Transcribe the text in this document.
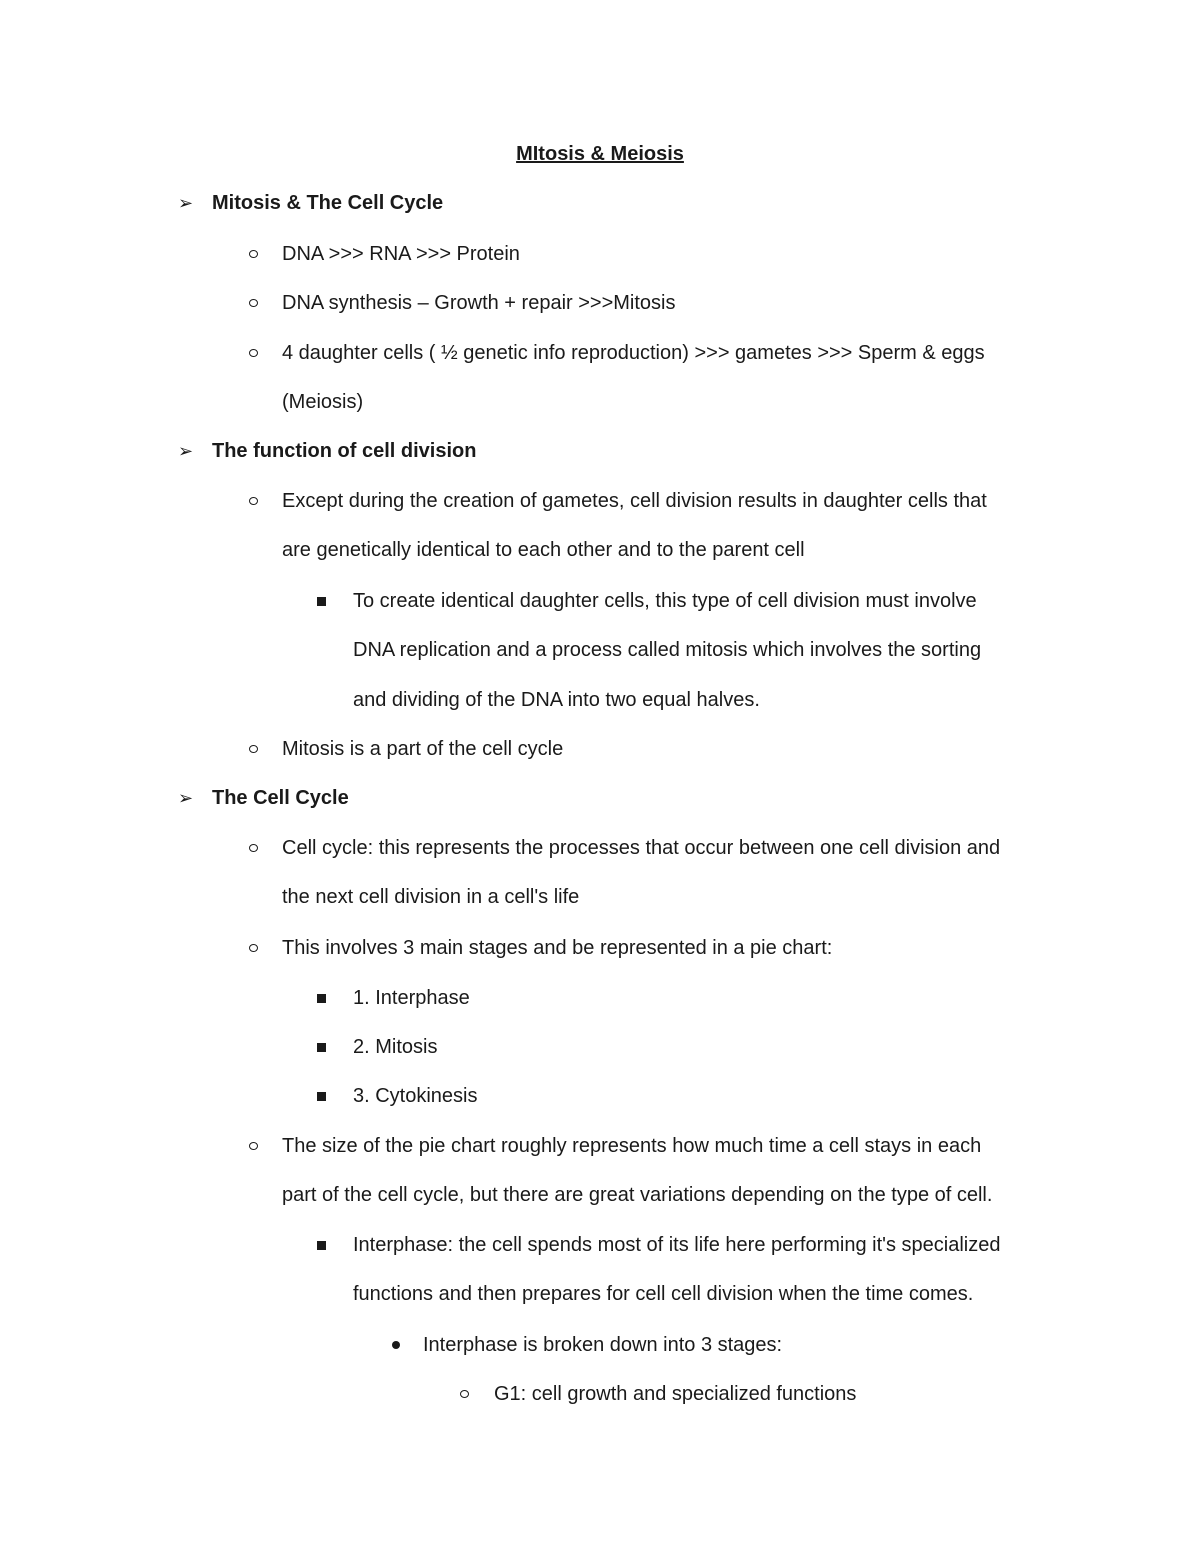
MItosis & Meiosis
➢ Mitosis & The Cell Cycle
DNA >>> RNA >>> Protein
DNA synthesis – Growth + repair >>>Mitosis
4 daughter cells ( ½ genetic info reproduction) >>> gametes >>> Sperm & eggs
(Meiosis)
➢ The function of cell division
Except during the creation of gametes, cell division results in daughter cells that
are genetically identical to each other and to the parent cell
To create identical daughter cells, this type of cell division must involve
DNA replication and a process called mitosis which involves the sorting
and dividing of the DNA into two equal halves.
Mitosis is a part of the cell cycle
➢ The Cell Cycle
Cell cycle: this represents the processes that occur between one cell division and
the next cell division in a cell's life
This involves 3 main stages and be represented in a pie chart:
1. Interphase
2. Mitosis
3. Cytokinesis
The size of the pie chart roughly represents how much time a cell stays in each
part of the cell cycle, but there are great variations depending on the type of cell.
Interphase: the cell spends most of its life here performing it's specialized
functions and then prepares for cell cell division when the time comes.
Interphase is broken down into 3 stages:
G1: cell growth and specialized functions
